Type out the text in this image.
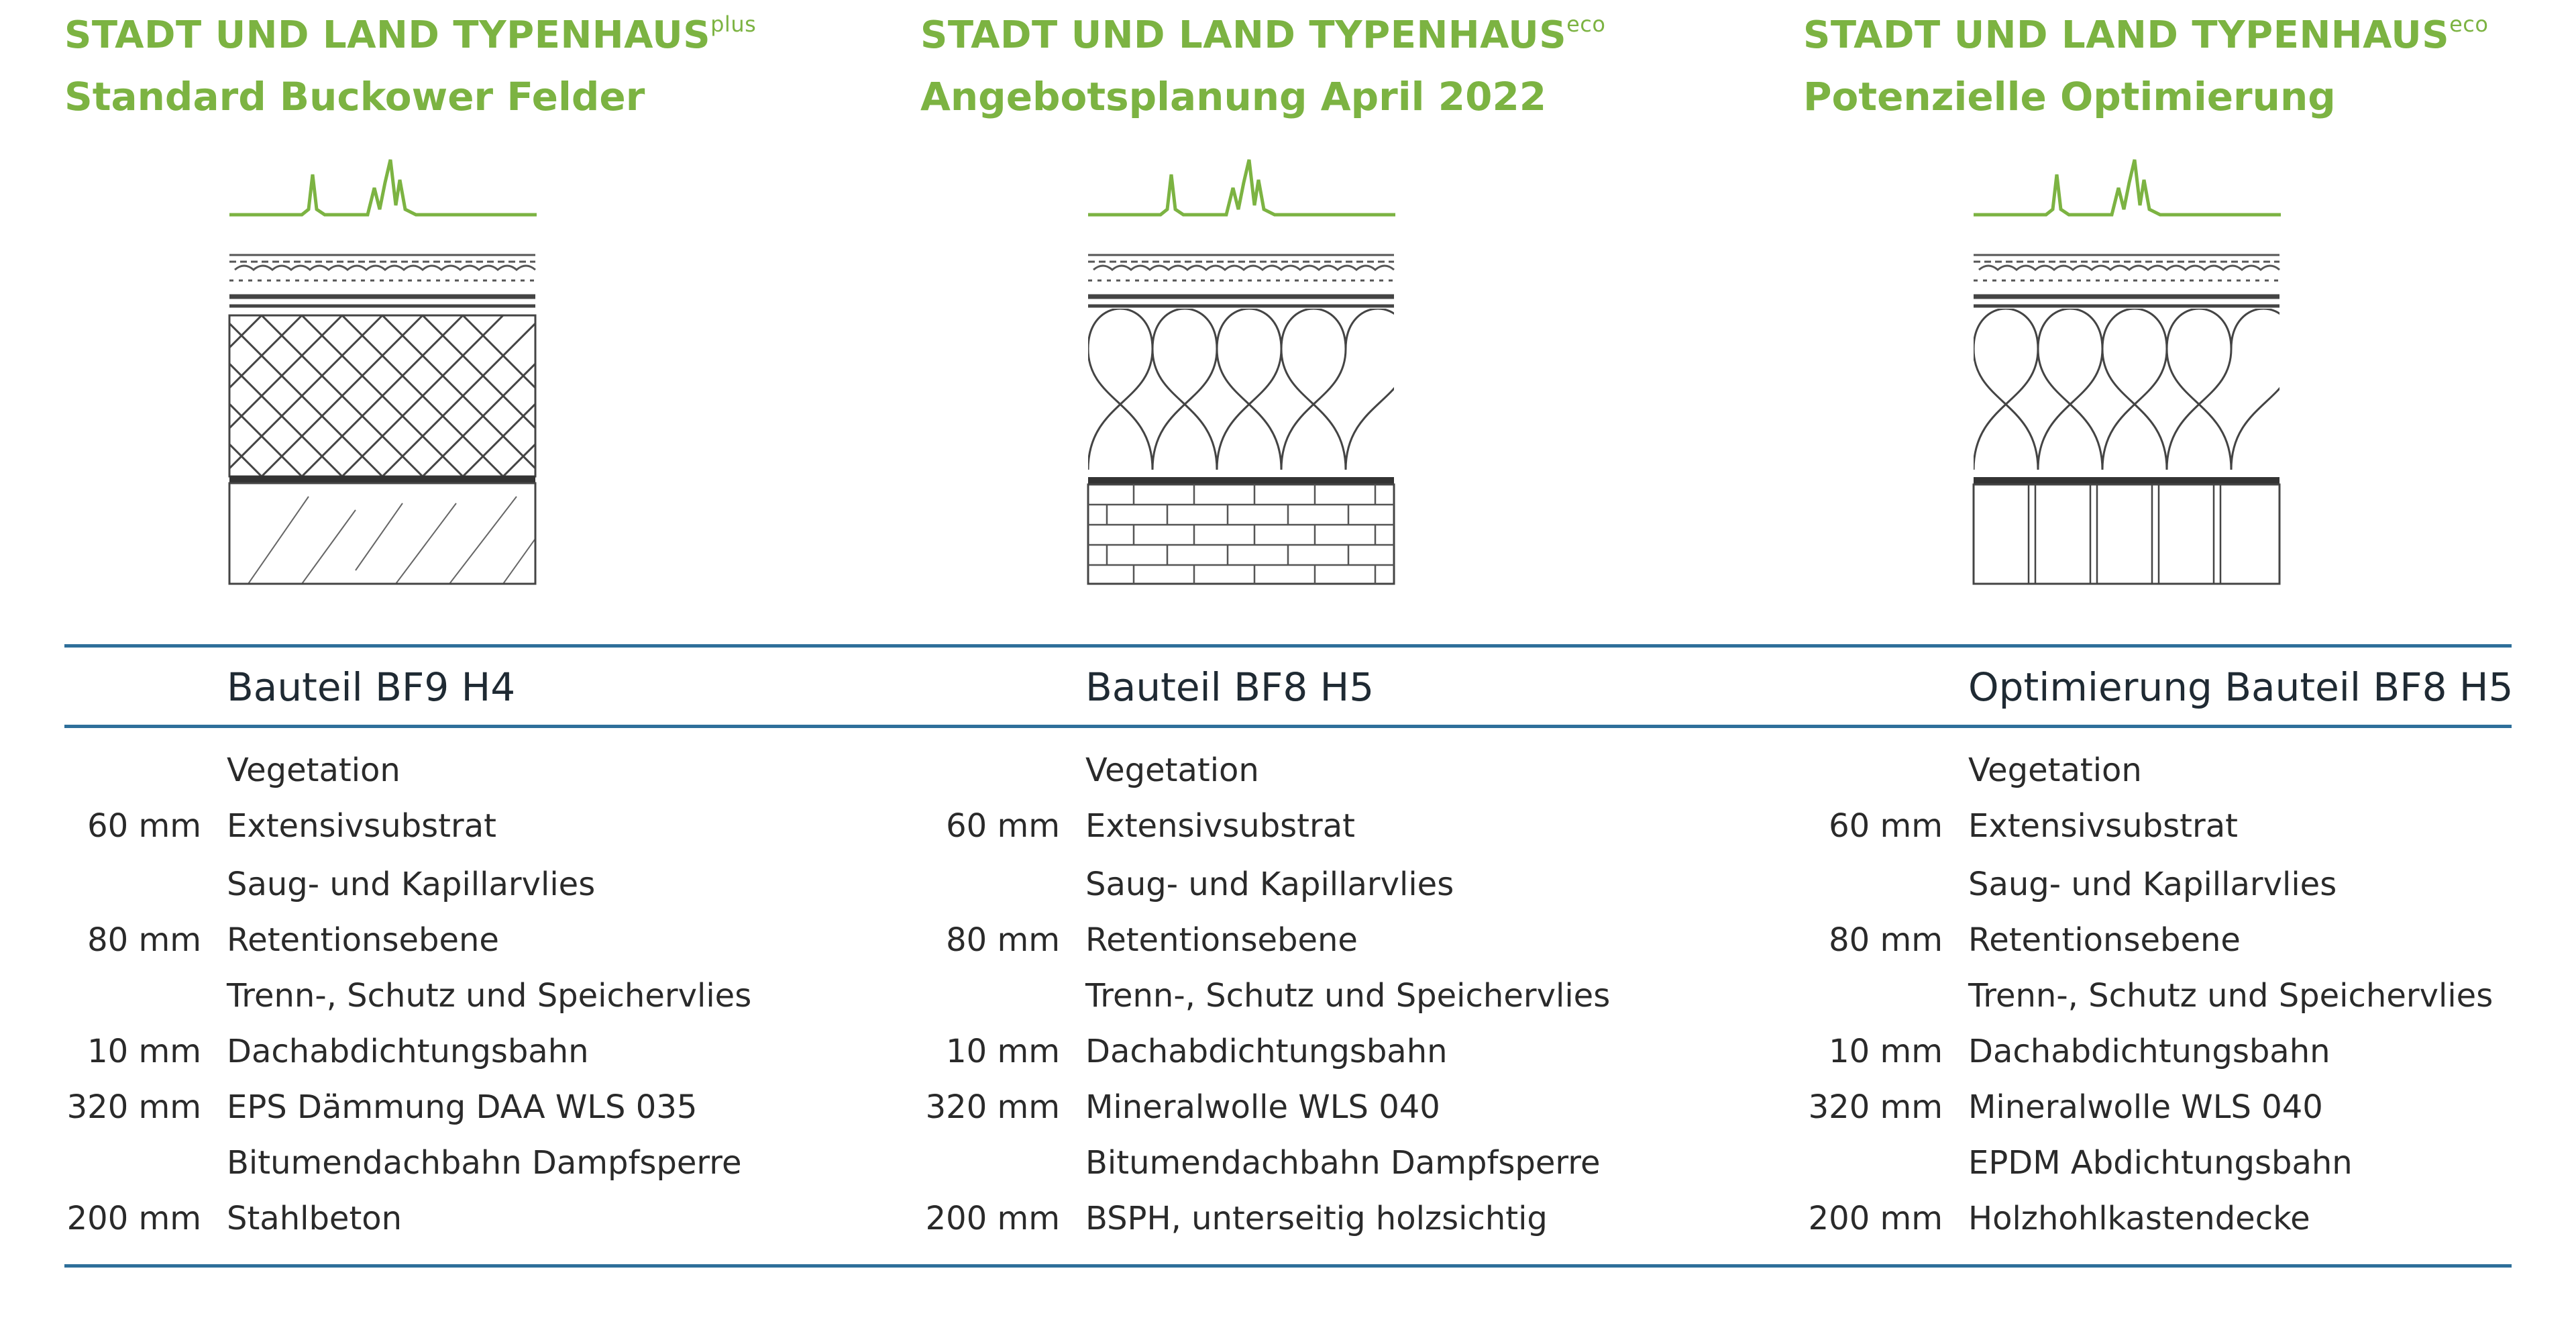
STADT UND LAND $TYPENHAUS^{plus}$
Standard Buckower Felder
STADT UND LAND $TYPENHAUS^{eco}$
Angebotsplanung April 2022
STADT UND LAND $TYPENHAUS^{eco}$
Potenzielle Optimierung
Bauteil BF9 H4	Bauteil BF8 H5	Optimierung Bauteil BF8 H5
Vegetation
60 mm Extensivsubstrat
Saug- und Kapillarvlies
80 mm Retentionsebene
Trenn-, Schutz und Speichervlies
10 mm Dachabdichtungsbahn
320 mm EPS Dämmung DAA WLS 035
Bitumendachbahn Dampfsperre
200 mm Stahlbeton
Vegetation
60 mm Extensivsubstrat
Saug- und Kapillarvlies
80 mm Retentionsebene
Trenn-, Schutz und Speichervlies
10 mm Dachabdichtungsbahn
320 mm Mineralwolle WLS 040
Bitumendachbahn Dampfsperre
200 mm BSPH, unterseitig holzsichtig
Vegetation
60 mm Extensivsubstrat
Saug- und Kapillarvlies
80 mm Retentionsebene
Trenn-, Schutz und Speichervlies
10 mm Dachabdichtungsbahn
320 mm Mineralwolle WLS 040
EPDM Abdichtungsbahn
200 mm Holzhohlkastendecke
